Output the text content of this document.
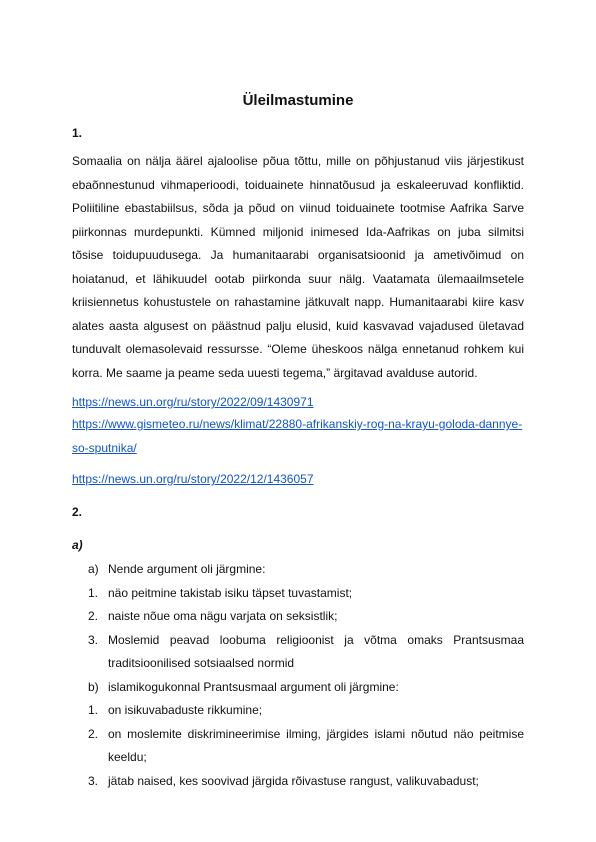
Üleilmastumine
1.

Somaalia on nälja äärel ajaloolise põua tõttu, mille on põhjustanud viis järjestikust ebaõnnestunud vihmaperioodi, toiduainete hinnatõusud ja eskaleeruvad konfliktid. Poliitiline ebastabiilsus, sõda ja põud on viinud toiduainete tootmise Aafrika Sarve piirkonnas murdepunkti. Kümned miljonid inimesed Ida-Aafrikas on juba silmitsi tõsise toidupuudusega. Ja humanitaarabi organisatsioonid ja ametivõimud on hoiatanud, et lähikuudel ootab piirkonda suur nälg. Vaatamata ülemaailmsetele kriisiennetus kohustustele on rahastamine jätkuvalt napp. Humanitaarabi kiire kasv alates aasta algusest on päästnud palju elusid, kuid kasvavad vajadused ületavad tunduvalt olemasolevaid ressursse. “Oleme üheskoos nälga ennetanud rohkem kui korra. Me saame ja peame seda uuesti tegema,” ärgitavad avalduse autorid.

https://news.un.org/ru/story/2022/09/1430971
https://www.gismeteo.ru/news/klimat/22880-afrikanskiy-rog-na-krayu-goloda-dannye-so-sputnika/
https://news.un.org/ru/story/2022/12/1436057
2.
a)
a) Nende argument oli järgmine:
1. näo peitmine takistab isiku täpset tuvastamist;
2. naiste nõue oma nägu varjata on seksistlik;
3. Moslemid peavad loobuma religioonist ja võtma omaks Prantsusmaa traditsioonilised sotsiaalsed normid
b) islamikogukonnal Prantsusmaal argument oli järgmine:
1. on isikuvabaduste rikkumine;
2. on moslemite diskrimineerimise ilming, järgides islami nõutud näo peitmise keeldu;
3. jätab naised, kes soovivad järgida rõivastuse rangust, valikuvabadust;
